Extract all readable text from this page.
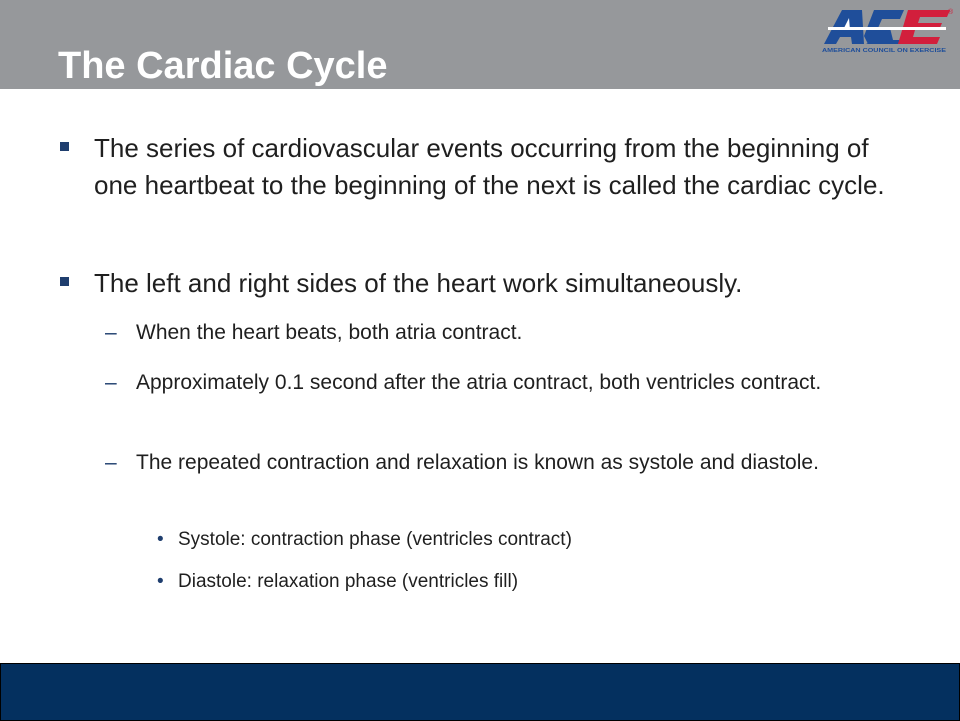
The Cardiac Cycle
®
AMERICAN COUNCIL ON EXERCISE
The series of cardiovascular events occurring from the beginning of one heartbeat to the beginning of the next is called the cardiac cycle.
The left and right sides of the heart work simultaneously.
– When the heart beats, both atria contract.
– Approximately 0.1 second after the atria contract, both ventricles contract.
– The repeated contraction and relaxation is known as systole and diastole.
• Systole: contraction phase (ventricles contract)
• Diastole: relaxation phase (ventricles fill)
